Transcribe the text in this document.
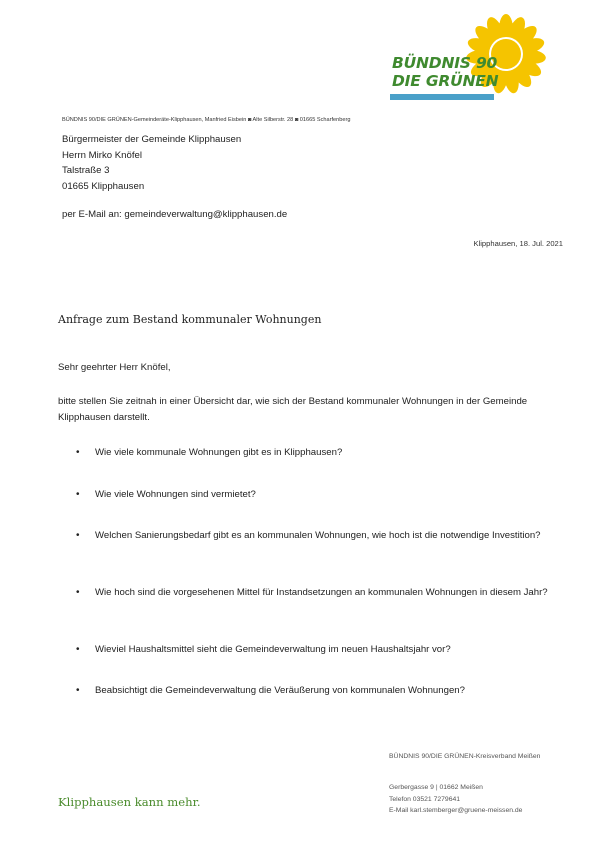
BÜNDNIS 90
DIE GRÜNEN
BÜNDNIS 90/DIE GRÜNEN-Gemeinderäte-Klipphausen, Manfried Eisbein ◙ Alte Silberstr. 28 ◙ 01665 Scharfenberg
Bürgermeister der Gemeinde Klipphausen
Herrn Mirko Knöfel
Talstraße 3
01665 Klipphausen
per E-Mail an: gemeindeverwaltung@klipphausen.de
Klipphausen, 18. Jul. 2021
Anfrage zum Bestand kommunaler Wohnungen
Sehr geehrter Herr Knöfel,
bitte stellen Sie zeitnah in einer Übersicht dar, wie sich der Bestand kommunaler Wohnungen in der Gemeinde Klipphausen darstellt.
• Wie viele kommunale Wohnungen gibt es in Klipphausen?
• Wie viele Wohnungen sind vermietet?
• Welchen Sanierungsbedarf gibt es an kommunalen Wohnungen, wie hoch ist die notwendige Investition?
• Wie hoch sind die vorgesehenen Mittel für Instandsetzungen an kommunalen Wohnungen in diesem Jahr?
• Wieviel Haushaltsmittel sieht die Gemeindeverwaltung im neuen Haushaltsjahr vor?
• Beabsichtigt die Gemeindeverwaltung die Veräußerung von kommunalen Wohnungen?
Klipphausen kann mehr.
BÜNDNIS 90/DIE GRÜNEN-Kreisverband Meißen
Gerbergasse 9 | 01662 Meißen
Telefon 03521 7279641
E-Mail karl.stemberger@gruene-meissen.de
